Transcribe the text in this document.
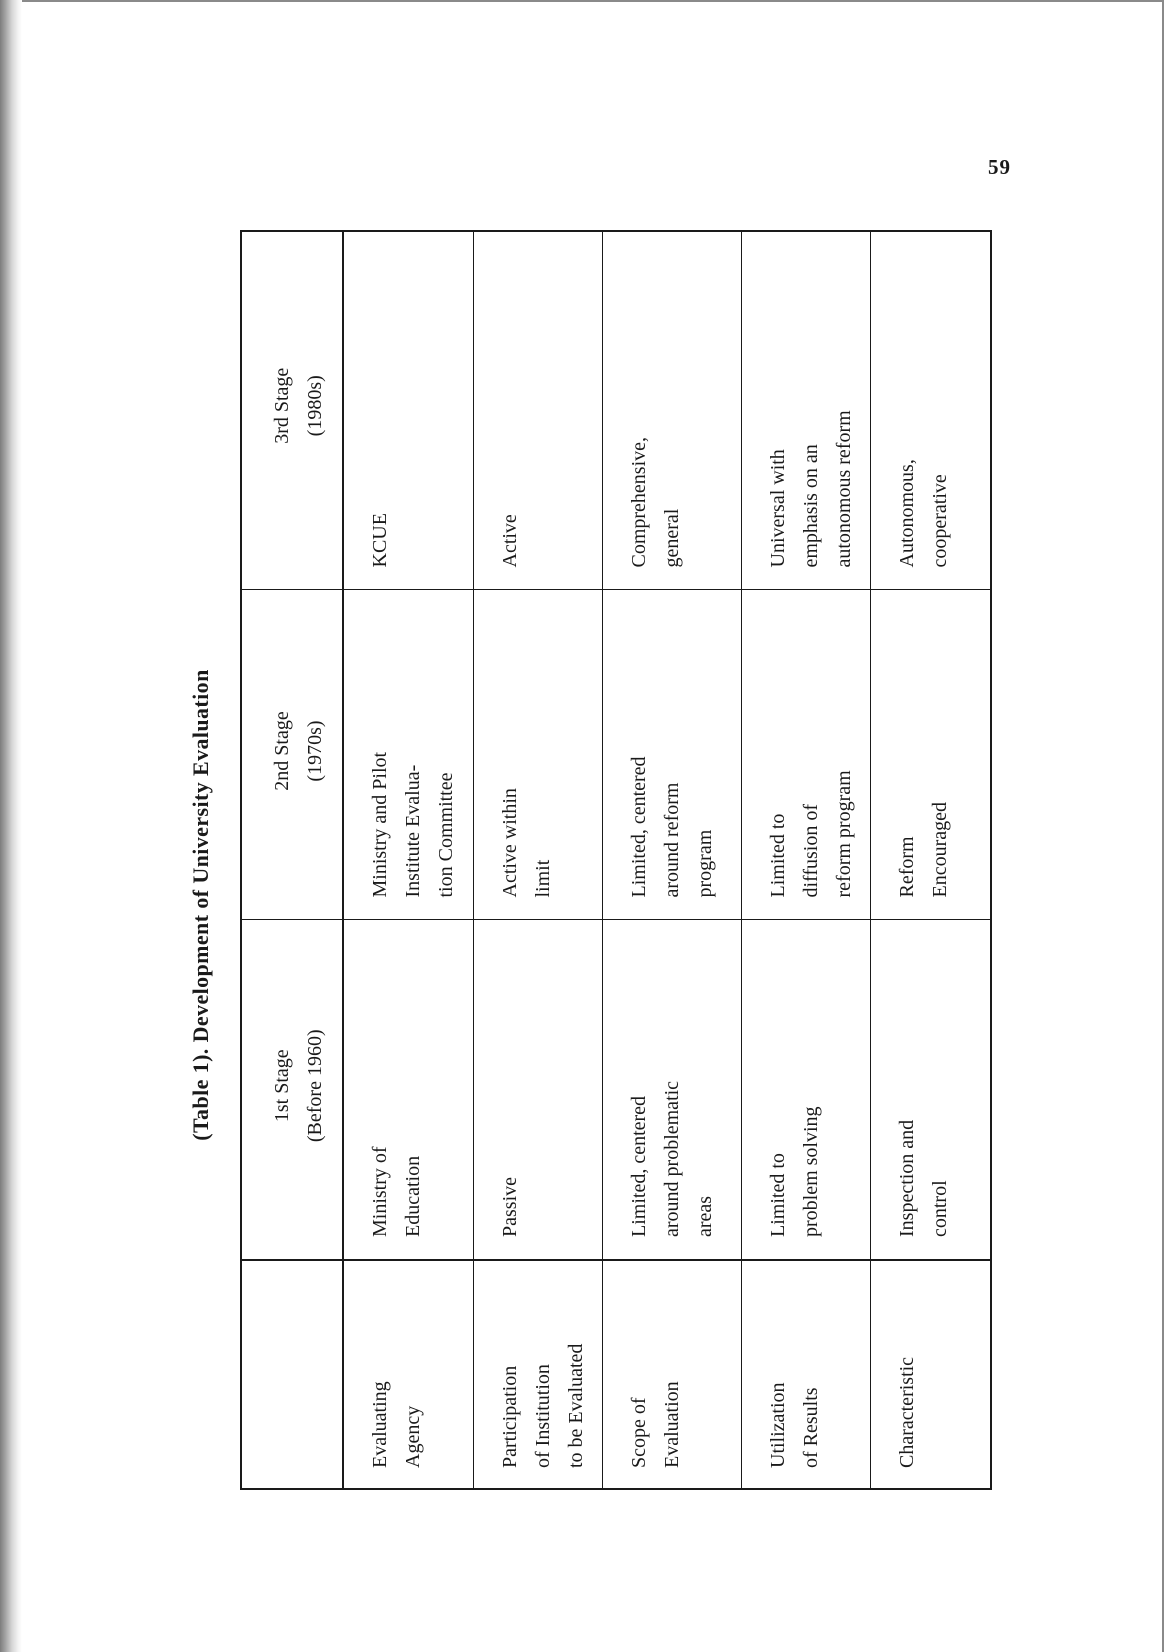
59
(Table 1). Development of University Evaluation
		1st Stage
(Before 1960)	2nd Stage
(1970s)	3rd Stage
(1980s)
Evaluating
Agency	Ministry of
Education	Ministry and Pilot
Institute Evalua-
tion Committee	KCUE
Participation
of Institution
to be Evaluated	Passive	Active within
limit	Active
Scope of
Evaluation	Limited, centered
around problematic
areas	Limited, centered
around reform
program	Comprehensive,
general
Utilization
of Results	Limited to
problem solving	Limited to
diffusion of
reform program	Universal with
emphasis on an
autonomous reform
Characteristic	Inspection and
control	Reform
Encouraged	Autonomous,
cooperative
